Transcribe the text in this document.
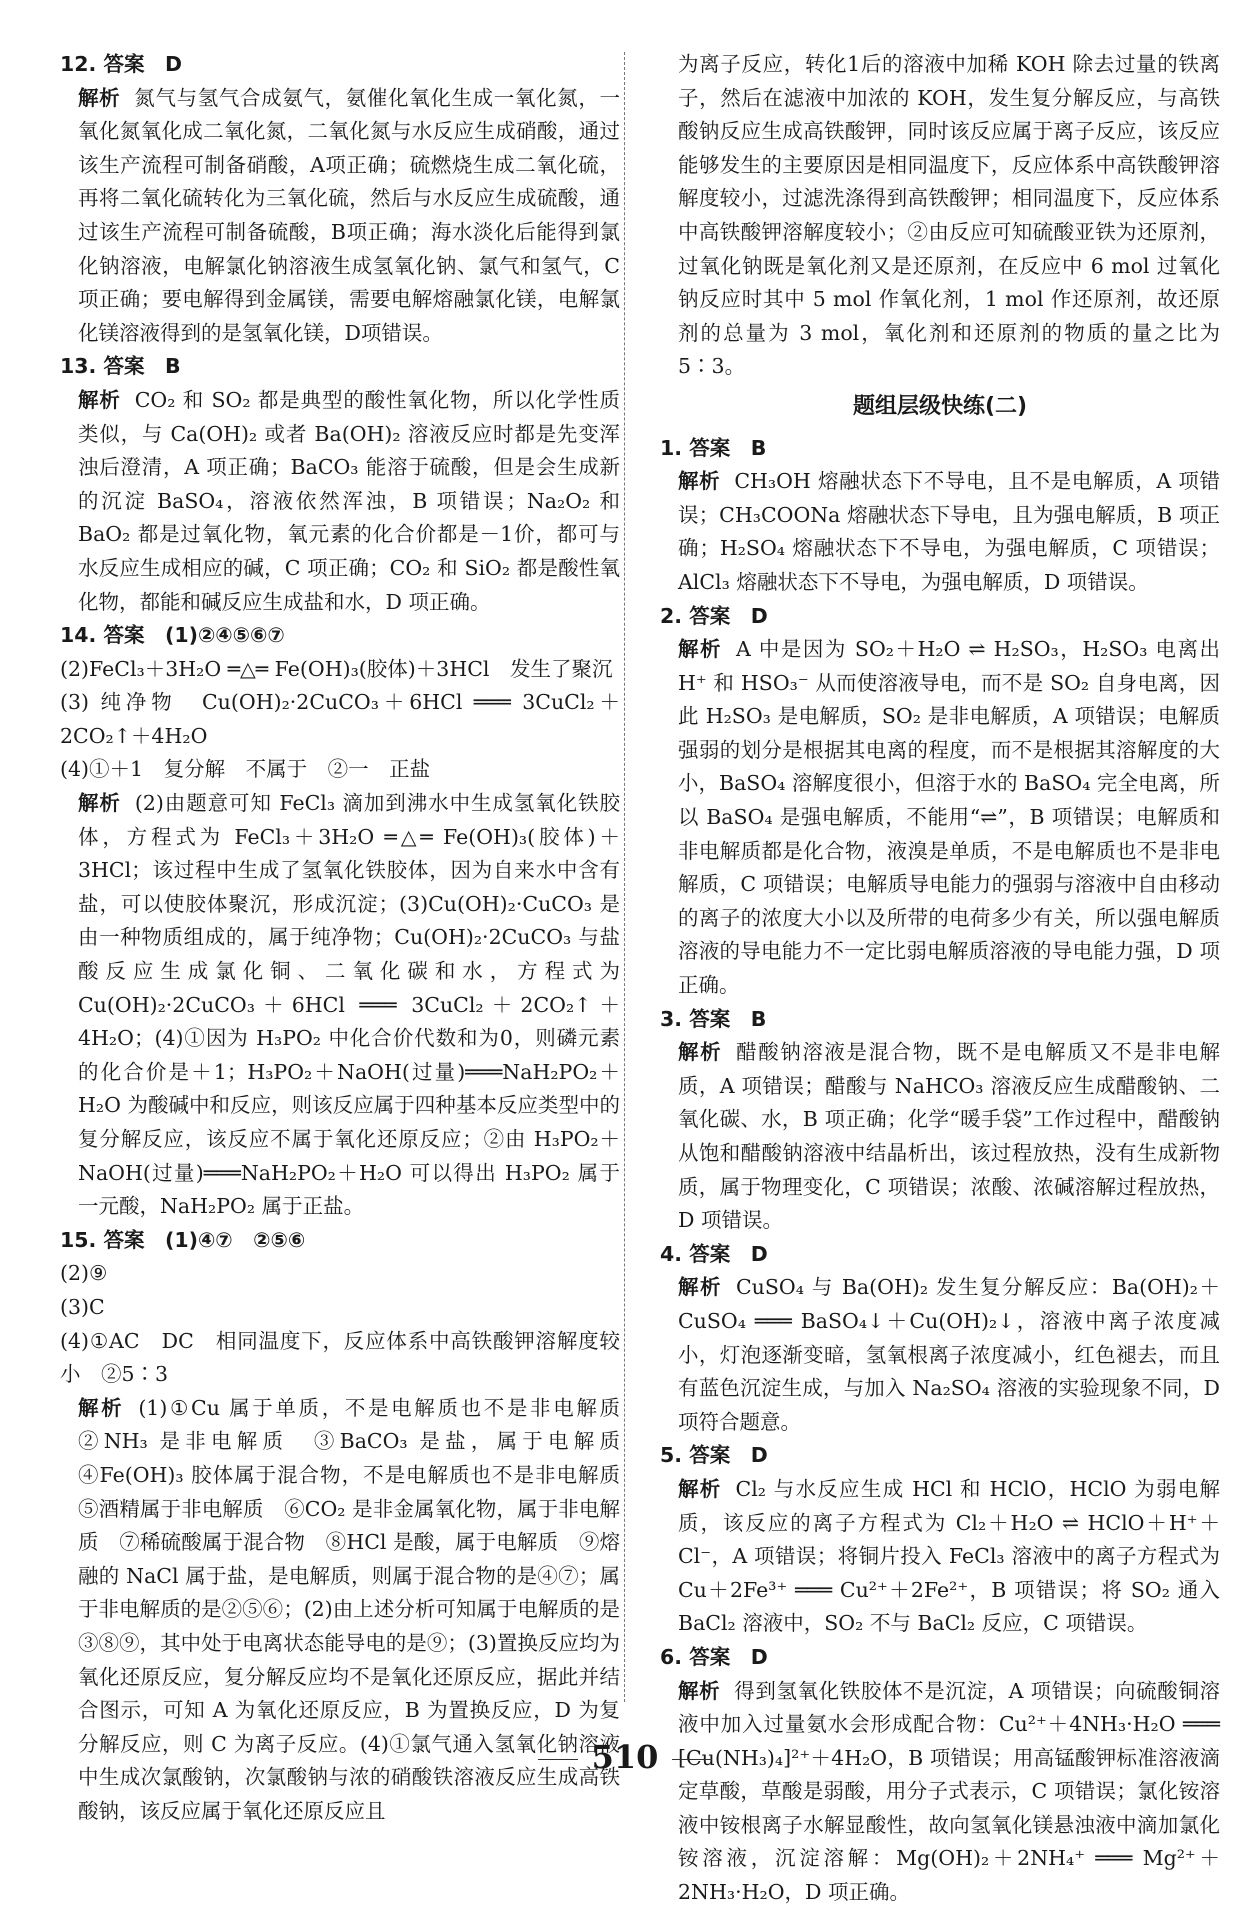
12. 答案　D

解析 氮气与氢气合成氨气，氨催化氧化生成一氧化氮，一氧化氮氧化成二氧化氮，二氧化氮与水反应生成硝酸，通过该生产流程可制备硝酸，A项正确；硫燃烧生成二氧化硫，再将二氧化硫转化为三氧化硫，然后与水反应生成硫酸，通过该生产流程可制备硫酸，B项正确；海水淡化后能得到氯化钠溶液，电解氯化钠溶液生成氢氧化钠、氯气和氢气，C项正确；要电解得到金属镁，需要电解熔融氯化镁，电解氯化镁溶液得到的是氢氧化镁，D项错误。

13. 答案　B

解析 CO₂ 和 SO₂ 都是典型的酸性氧化物，所以化学性质类似，与 Ca(OH)₂ 或者 Ba(OH)₂ 溶液反应时都是先变浑浊后澄清，A 项正确；BaCO₃ 能溶于硫酸，但是会生成新的沉淀 BaSO₄，溶液依然浑浊，B 项错误；Na₂O₂ 和 BaO₂ 都是过氧化物，氧元素的化合价都是－1价，都可与水反应生成相应的碱，C 项正确；CO₂ 和 SiO₂ 都是酸性氧化物，都能和碱反应生成盐和水，D 项正确。

14. 答案　(1)②④⑤⑥⑦

(2)FeCl₃＋3H₂O ═△═ Fe(OH)₃(胶体)＋3HCl　发生了聚沉

(3) 纯净物　Cu(OH)₂·2CuCO₃＋6HCl ═══ 3CuCl₂＋2CO₂↑＋4H₂O

(4)①＋1　复分解　不属于　②一　正盐

解析 (2)由题意可知 FeCl₃ 滴加到沸水中生成氢氧化铁胶体，方程式为 FeCl₃＋3H₂O ═△═ Fe(OH)₃(胶体)＋3HCl；该过程中生成了氢氧化铁胶体，因为自来水中含有盐，可以使胶体聚沉，形成沉淀；(3)Cu(OH)₂·CuCO₃ 是由一种物质组成的，属于纯净物；Cu(OH)₂·2CuCO₃ 与盐酸反应生成氯化铜、二氧化碳和水，方程式为 Cu(OH)₂·2CuCO₃＋6HCl ═══ 3CuCl₂＋2CO₂↑＋4H₂O；(4)①因为 H₃PO₂ 中化合价代数和为0，则磷元素的化合价是＋1；H₃PO₂＋NaOH(过量)═══NaH₂PO₂＋H₂O 为酸碱中和反应，则该反应属于四种基本反应类型中的复分解反应，该反应不属于氧化还原反应；②由 H₃PO₂＋NaOH(过量)═══NaH₂PO₂＋H₂O 可以得出 H₃PO₂ 属于一元酸，NaH₂PO₂ 属于正盐。

15. 答案　(1)④⑦　②⑤⑥

(2)⑨

(3)C

(4)①AC　DC　相同温度下，反应体系中高铁酸钾溶解度较小　②5∶3

解析 (1)①Cu 属于单质，不是电解质也不是非电解质　②NH₃ 是非电解质　③BaCO₃ 是盐，属于电解质　④Fe(OH)₃ 胶体属于混合物，不是电解质也不是非电解质　⑤酒精属于非电解质　⑥CO₂ 是非金属氧化物，属于非电解质　⑦稀硫酸属于混合物　⑧HCl 是酸，属于电解质　⑨熔融的 NaCl 属于盐，是电解质，则属于混合物的是④⑦；属于非电解质的是②⑤⑥；(2)由上述分析可知属于电解质的是③⑧⑨，其中处于电离状态能导电的是⑨；(3)置换反应均为氧化还原反应，复分解反应均不是氧化还原反应，据此并结合图示，可知 A 为氧化还原反应，B 为置换反应，D 为复分解反应，则 C 为离子反应。(4)①氯气通入氢氧化钠溶液中生成次氯酸钠，次氯酸钠与浓的硝酸铁溶液反应生成高铁酸钠，该反应属于氧化还原反应且

为离子反应，转化1后的溶液中加稀 KOH 除去过量的铁离子，然后在滤液中加浓的 KOH，发生复分解反应，与高铁酸钠反应生成高铁酸钾，同时该反应属于离子反应，该反应能够发生的主要原因是相同温度下，反应体系中高铁酸钾溶解度较小，过滤洗涤得到高铁酸钾；相同温度下，反应体系中高铁酸钾溶解度较小；②由反应可知硫酸亚铁为还原剂，过氧化钠既是氧化剂又是还原剂，在反应中 6 mol 过氧化钠反应时其中 5 mol 作氧化剂，1 mol 作还原剂，故还原剂的总量为 3 mol，氧化剂和还原剂的物质的量之比为 5∶3。

题组层级快练(二)

1. 答案　B

解析 CH₃OH 熔融状态下不导电，且不是电解质，A 项错误；CH₃COONa 熔融状态下导电，且为强电解质，B 项正确；H₂SO₄ 熔融状态下不导电，为强电解质，C 项错误；AlCl₃ 熔融状态下不导电，为强电解质，D 项错误。

2. 答案　D

解析 A 中是因为 SO₂＋H₂O ⇌ H₂SO₃，H₂SO₃ 电离出 H⁺ 和 HSO₃⁻ 从而使溶液导电，而不是 SO₂ 自身电离，因此 H₂SO₃ 是电解质，SO₂ 是非电解质，A 项错误；电解质强弱的划分是根据其电离的程度，而不是根据其溶解度的大小，BaSO₄ 溶解度很小，但溶于水的 BaSO₄ 完全电离，所以 BaSO₄ 是强电解质，不能用“⇌”，B 项错误；电解质和非电解质都是化合物，液溴是单质，不是电解质也不是非电解质，C 项错误；电解质导电能力的强弱与溶液中自由移动的离子的浓度大小以及所带的电荷多少有关，所以强电解质溶液的导电能力不一定比弱电解质溶液的导电能力强，D 项正确。

3. 答案　B

解析 醋酸钠溶液是混合物，既不是电解质又不是非电解质，A 项错误；醋酸与 NaHCO₃ 溶液反应生成醋酸钠、二氧化碳、水，B 项正确；化学“暖手袋”工作过程中，醋酸钠从饱和醋酸钠溶液中结晶析出，该过程放热，没有生成新物质，属于物理变化，C 项错误；浓酸、浓碱溶解过程放热，D 项错误。

4. 答案　D

解析 CuSO₄ 与 Ba(OH)₂ 发生复分解反应：Ba(OH)₂＋CuSO₄ ═══ BaSO₄↓＋Cu(OH)₂↓，溶液中离子浓度减小，灯泡逐渐变暗，氢氧根离子浓度减小，红色褪去，而且有蓝色沉淀生成，与加入 Na₂SO₄ 溶液的实验现象不同，D 项符合题意。

5. 答案　D

解析 Cl₂ 与水反应生成 HCl 和 HClO，HClO 为弱电解质，该反应的离子方程式为 Cl₂＋H₂O ⇌ HClO＋H⁺＋Cl⁻，A 项错误；将铜片投入 FeCl₃ 溶液中的离子方程式为 Cu＋2Fe³⁺ ═══ Cu²⁺＋2Fe²⁺，B 项错误；将 SO₂ 通入 BaCl₂ 溶液中，SO₂ 不与 BaCl₂ 反应，C 项错误。

6. 答案　D

解析 得到氢氧化铁胶体不是沉淀，A 项错误；向硫酸铜溶液中加入过量氨水会形成配合物：Cu²⁺＋4NH₃·H₂O ═══ [Cu(NH₃)₄]²⁺＋4H₂O，B 项错误；用高锰酸钾标准溶液滴定草酸，草酸是弱酸，用分子式表示，C 项错误；氯化铵溶液中铵根离子水解显酸性，故向氢氧化镁悬浊液中滴加氯化铵溶液，沉淀溶解：Mg(OH)₂＋2NH₄⁺ ═══ Mg²⁺＋2NH₃·H₂O，D 项正确。

510
